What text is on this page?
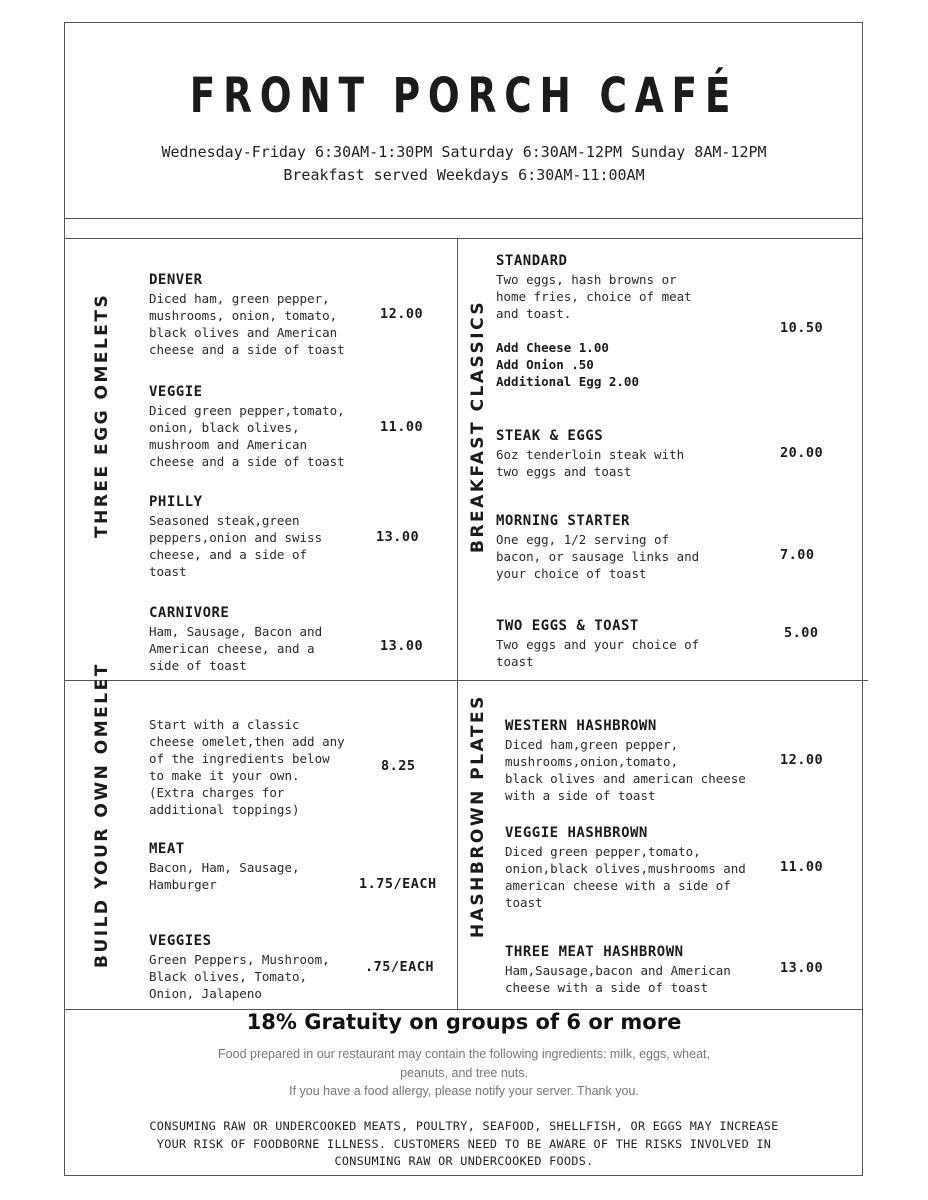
FRONT PORCH CAFÉ
Wednesday-Friday 6:30AM-1:30PM Saturday 6:30AM-12PM Sunday 8AM-12PM
Breakfast served Weekdays 6:30AM-11:00AM
THREE EGG OMELETS	BREAKFAST CLASSICS
BUILD YOUR OWN OMELET	HASHBROWN PLATES
DENVER
Diced ham, green pepper,
mushrooms, onion, tomato,
black olives and American
cheese and a side of toast
12.00
VEGGIE
Diced green pepper,tomato,
onion, black olives,
mushroom and American
cheese and a side of toast
11.00
PHILLY
Seasoned steak,green
peppers,onion and swiss
cheese, and a side of
toast
13.00
CARNIVORE
Ham, Sausage, Bacon and
American cheese, and a
side of toast
13.00
STANDARD
Two eggs, hash browns or
home fries, choice of meat
and toast.
Add Cheese 1.00
Add Onion .50
Additional Egg 2.00
10.50
STEAK & EGGS
6oz tenderloin steak with
two eggs and toast
20.00
MORNING STARTER
One egg, 1/2 serving of
bacon, or sausage links and
your choice of toast
7.00
TWO EGGS & TOAST
Two eggs and your choice of
toast
5.00
Start with a classic
cheese omelet,then add any
of the ingredients below
to make it your own.
(Extra charges for
additional toppings)
8.25
MEAT
Bacon, Ham, Sausage,
Hamburger	1.75/EACH
VEGGIES
Green Peppers, Mushroom,
Black olives, Tomato,
Onion, Jalapeno
.75/EACH
WESTERN HASHBROWN
Diced ham,green pepper,
mushrooms,onion,tomato,
black olives and american cheese
with a side of toast
12.00
VEGGIE HASHBROWN
Diced green pepper,tomato,
onion,black olives,mushrooms and
american cheese with a side of
toast
11.00
THREE MEAT HASHBROWN
Ham,Sausage,bacon and American
cheese with a side of toast
13.00
18% Gratuity on groups of 6 or more
Food prepared in our restaurant may contain the following ingredients: milk, eggs, wheat,
peanuts, and tree nuts.
If you have a food allergy, please notify your server. Thank you.
CONSUMING RAW OR UNDERCOOKED MEATS, POULTRY, SEAFOOD, SHELLFISH, OR EGGS MAY INCREASE
YOUR RISK OF FOODBORNE ILLNESS. CUSTOMERS NEED TO BE AWARE OF THE RISKS INVOLVED IN
CONSUMING RAW OR UNDERCOOKED FOODS.
